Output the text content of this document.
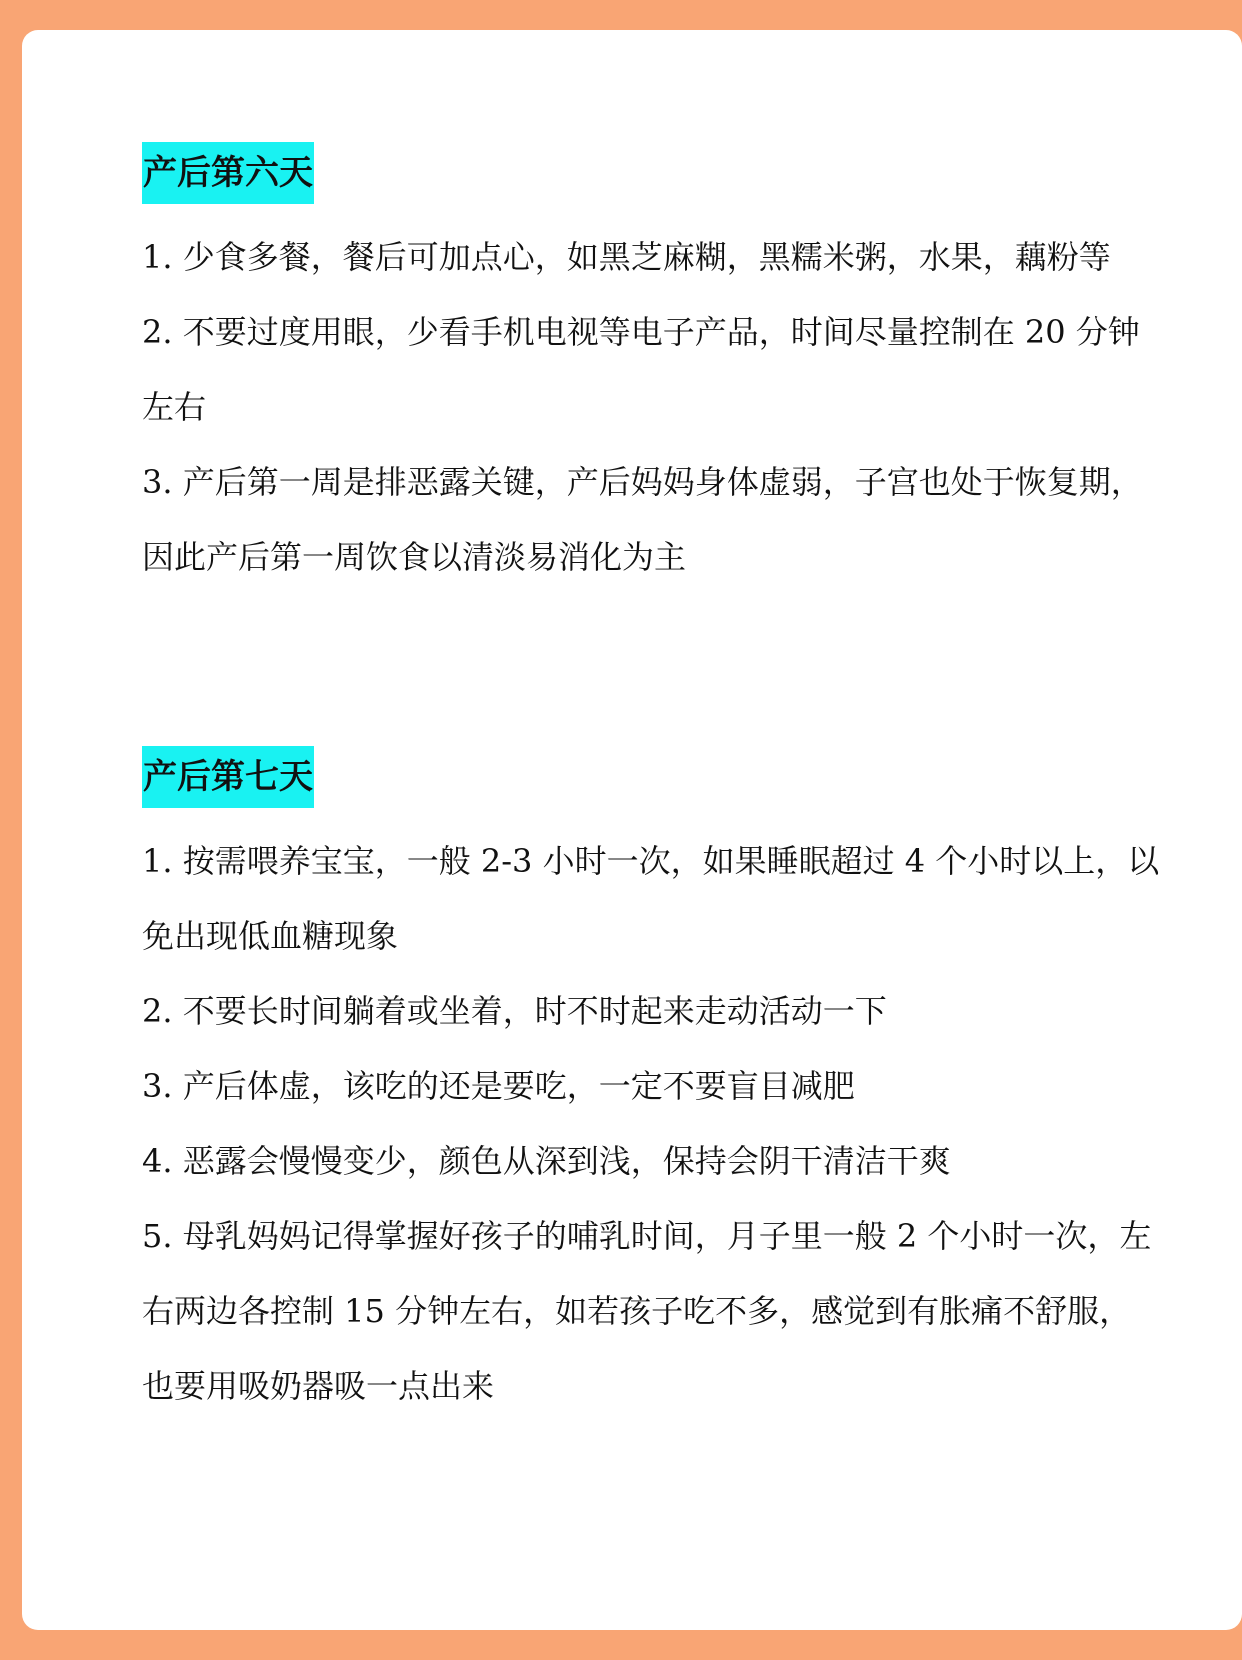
产后第六天

1. 少食多餐，餐后可加点心，如黑芝麻糊，黑糯米粥，水果，藕粉等

2. 不要过度用眼，少看手机电视等电子产品，时间尽量控制在 20 分钟左右

3. 产后第一周是排恶露关键，产后妈妈身体虚弱，子宫也处于恢复期，因此产后第一周饮食以清淡易消化为主

产后第七天

1. 按需喂养宝宝，一般 2-3 小时一次，如果睡眠超过 4 个小时以上，以免出现低血糖现象

2. 不要长时间躺着或坐着，时不时起来走动活动一下

3. 产后体虚，该吃的还是要吃，一定不要盲目减肥

4. 恶露会慢慢变少，颜色从深到浅，保持会阴干清洁干爽

5. 母乳妈妈记得掌握好孩子的哺乳时间，月子里一般 2 个小时一次，左右两边各控制 15 分钟左右，如若孩子吃不多，感觉到有胀痛不舒服，也要用吸奶器吸一点出来
